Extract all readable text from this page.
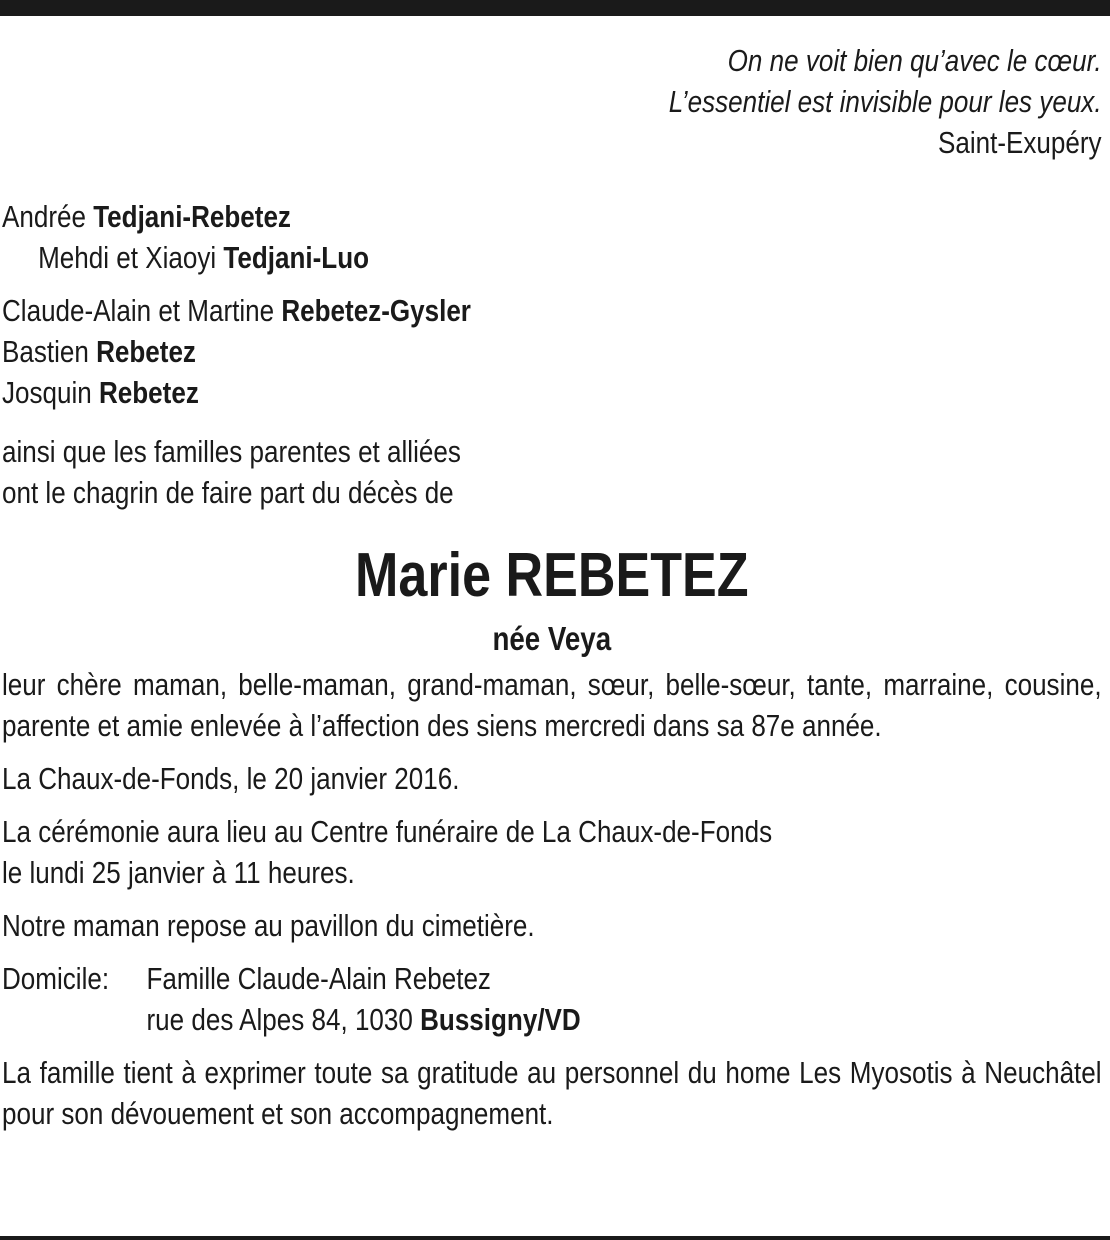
On ne voit bien qu’avec le cœur.
L’essentiel est invisible pour les yeux.
Saint-Exupéry
Andrée Tedjani-Rebetez
Mehdi et Xiaoyi Tedjani-Luo
Claude-Alain et Martine Rebetez-Gysler
Bastien Rebetez
Josquin Rebetez
ainsi que les familles parentes et alliées
ont le chagrin de faire part du décès de
Marie REBETEZ
née Veya
leur chère maman, belle-maman, grand-maman, sœur, belle-sœur, tante, marraine, cousine, parente et amie enlevée à l’affection des siens mercredi dans sa 87e année.
La Chaux-de-Fonds, le 20 janvier 2016.
La cérémonie aura lieu au Centre funéraire de La Chaux-de-Fonds
le lundi 25 janvier à 11 heures.
Notre maman repose au pavillon du cimetière.
Domicile:	Famille Claude-Alain Rebetez
rue des Alpes 84, 1030 Bussigny/VD
La famille tient à exprimer toute sa gratitude au personnel du home Les Myosotis à Neuchâtel pour son dévouement et son accompagnement.
